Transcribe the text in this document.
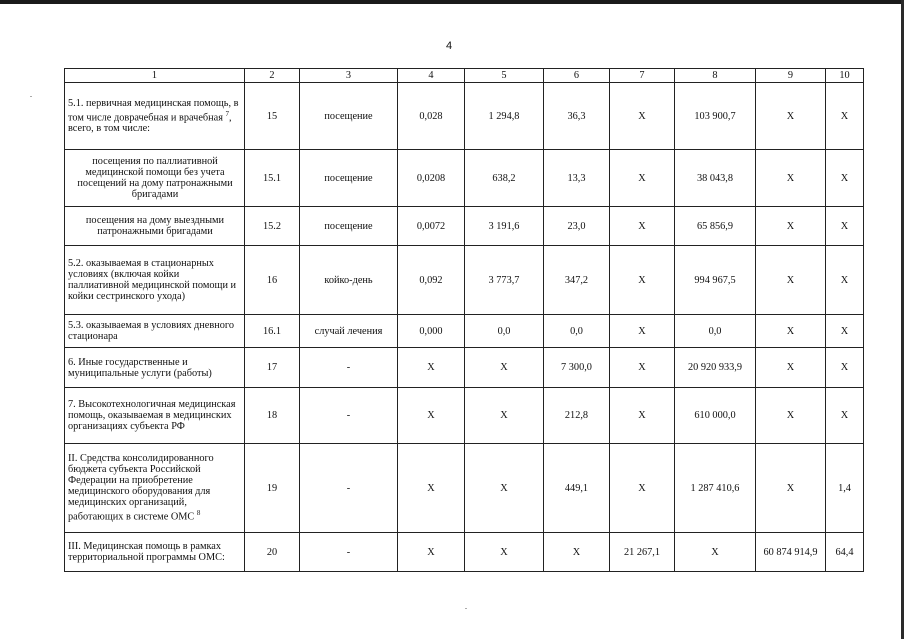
4
1	2	3	4	5	6	7	8	9	10
5.1. первичная медицинская помощь, в том числе доврачебная и врачебная $^7$, всего, в том числе:	15	посещение	0,028	1 294,8	36,3	X	103 900,7	X	X
посещения по паллиативной медицинской помощи без учета посещений на дому патронажными бригадами	15.1	посещение	0,0208	638,2	13,3	X	38 043,8	X	X
посещения на дому выездными патронажными бригадами	15.2	посещение	0,0072	3 191,6	23,0	X	65 856,9	X	X
5.2. оказываемая в стационарных условиях (включая койки паллиативной медицинской помощи и койки сестринского ухода)	16	койко-день	0,092	3 773,7	347,2	X	994 967,5	X	X
5.3. оказываемая в условиях дневного стационара	16.1	случай лечения	0,000	0,0	0,0	X	0,0	X	X
6. Иные государственные и муниципальные услуги (работы)	17	-	X	X	7 300,0	X	20 920 933,9	X	X
7. Высокотехнологичная медицинская помощь, оказываемая в медицинских организациях субъекта РФ	18	-	X	X	212,8	X	610 000,0	X	X
II. Средства консолидированного бюджета субъекта Российской Федерации на приобретение медицинского оборудования для медицинских организаций, работающих в системе ОМС $^8$	19	-	X	X	449,1	X	1 287 410,6	X	1,4
III. Медицинская помощь в рамках территориальной программы ОМС:	20	-	X	X	X	21 267,1	X	60 874 914,9	64,4
